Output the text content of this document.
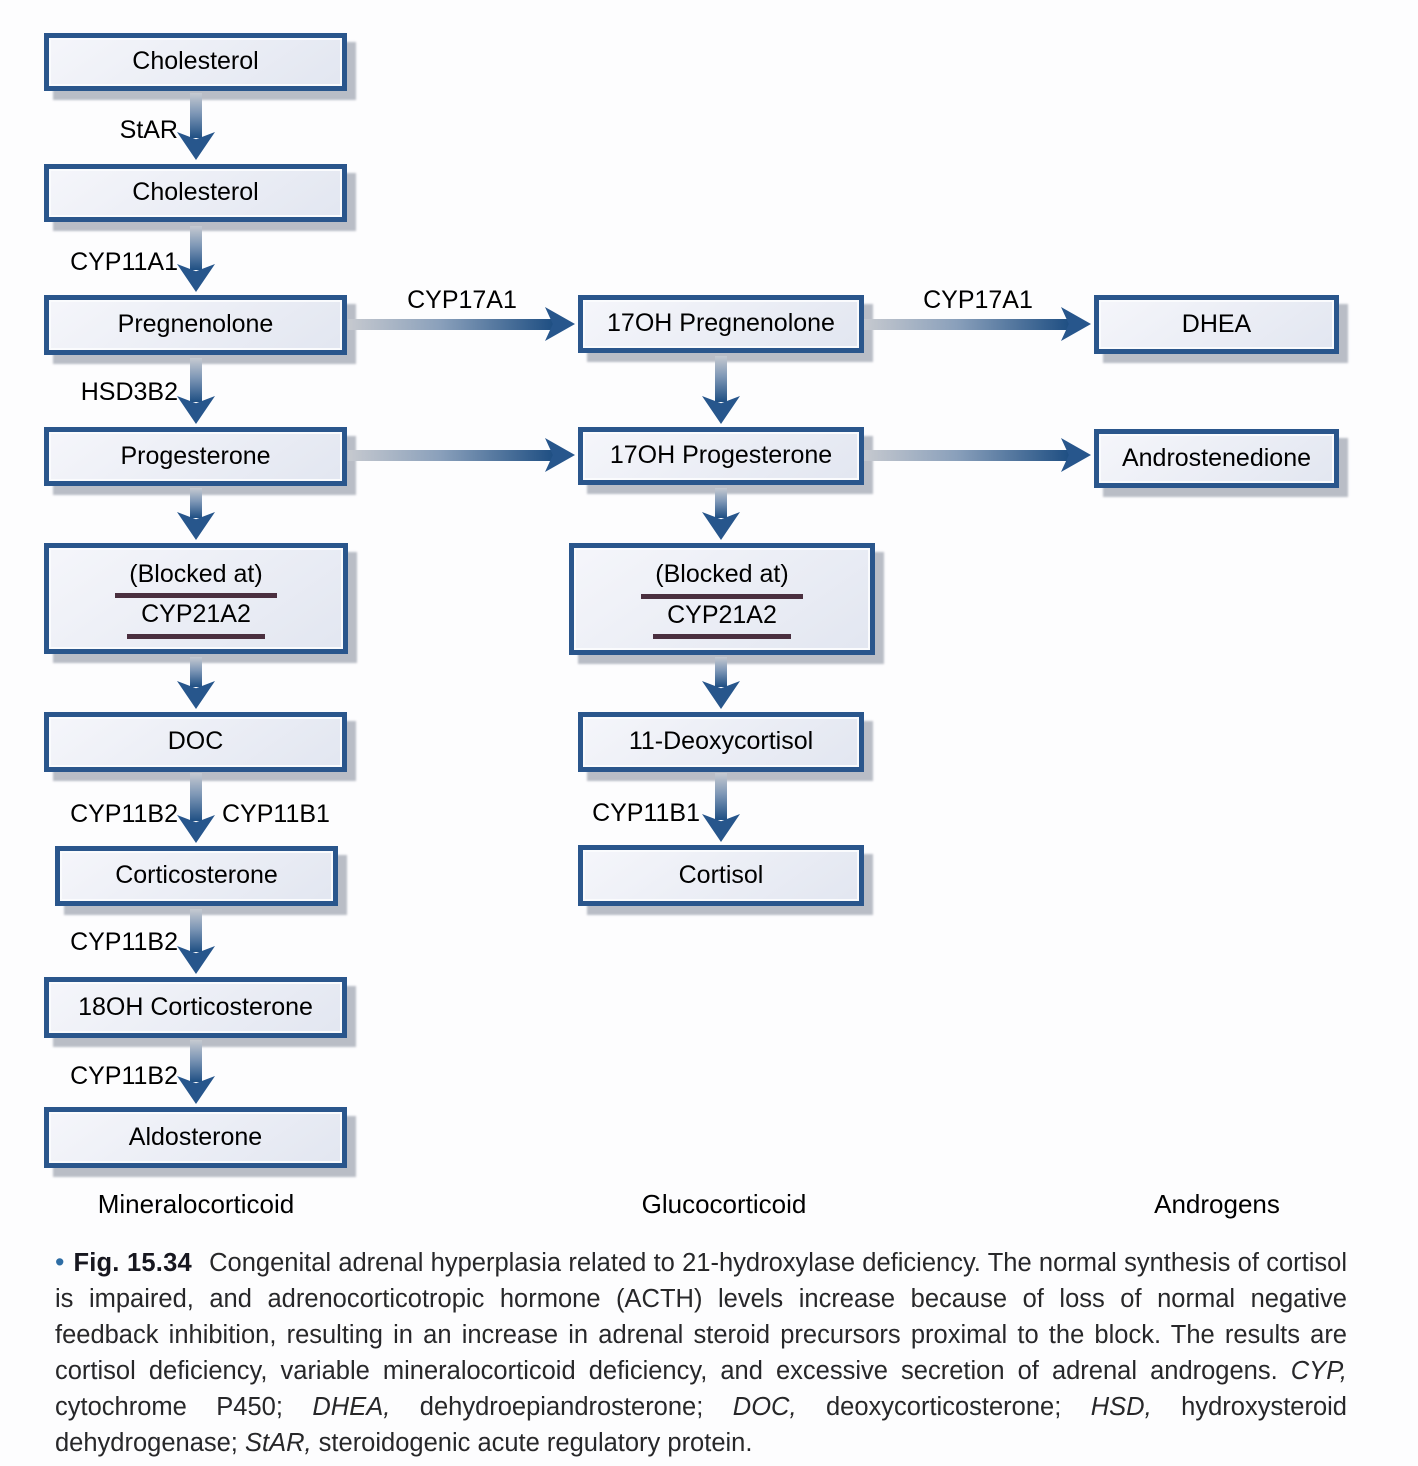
Cholesterol
Cholesterol
Pregnenolone
Progesterone
(Blocked at)
CYP21A2
DOC
Corticosterone
18OH Corticosterone
Aldosterone
17OH Pregnenolone
17OH Progesterone
(Blocked at)
CYP21A2
11-Deoxycortisol
Cortisol
DHEA
Androstenedione
StAR
CYP11A1
CYP17A1	CYP17A1
HSD3B2
CYP11B2 CYP11B1
CYP11B2
CYP11B2
CYP11B1
Mineralocorticoid	Glucocorticoid	Androgens

• Fig. 15.34 Congenital adrenal hyperplasia related to 21-hydroxylase deficiency. The normal synthesis of cortisol is impaired, and adrenocorticotropic hormone (ACTH) levels increase because of loss of normal negative feedback inhibition, resulting in an increase in adrenal steroid precursors proximal to the block. The results are cortisol deficiency, variable mineralocorticoid deficiency, and excessive secretion of adrenal androgens. CYP, cytochrome P450; DHEA, dehydroepiandrosterone; DOC, deoxycorticosterone; HSD, hydroxysteroid dehydrogenase; StAR, steroidogenic acute regulatory protein.
